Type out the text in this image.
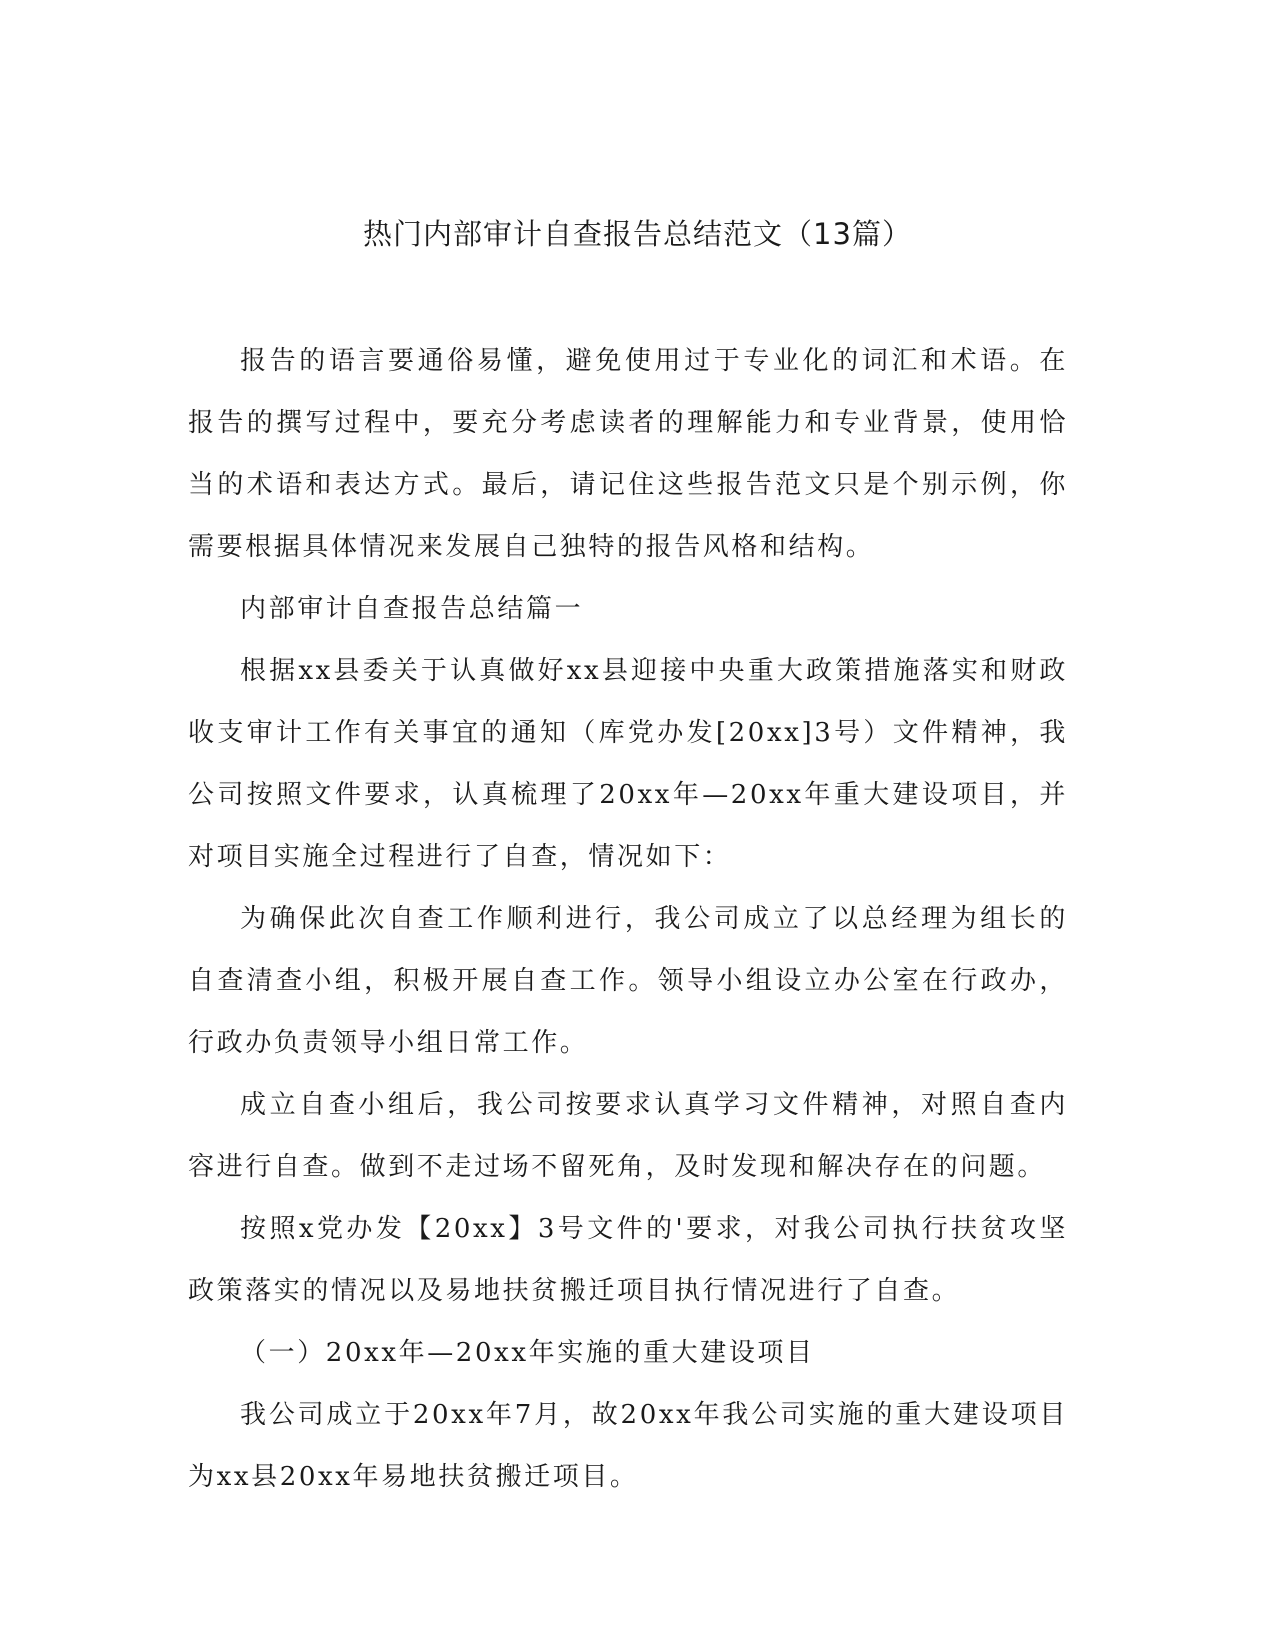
热门内部审计自查报告总结范文（13篇）

报告的语言要通俗易懂，避免使用过于专业化的词汇和术语。在报告的撰写过程中，要充分考虑读者的理解能力和专业背景，使用恰当的术语和表达方式。最后，请记住这些报告范文只是个别示例，你需要根据具体情况来发展自己独特的报告风格和结构。

内部审计自查报告总结篇一

根据xx县委关于认真做好xx县迎接中央重大政策措施落实和财政收支审计工作有关事宜的通知（库党办发[20xx]3号）文件精神，我公司按照文件要求，认真梳理了20xx年—20xx年重大建设项目，并对项目实施全过程进行了自查，情况如下：

为确保此次自查工作顺利进行，我公司成立了以总经理为组长的自查清查小组，积极开展自查工作。领导小组设立办公室在行政办，行政办负责领导小组日常工作。

成立自查小组后，我公司按要求认真学习文件精神，对照自查内容进行自查。做到不走过场不留死角，及时发现和解决存在的问题。

按照x党办发【20xx】3号文件的'要求，对我公司执行扶贫攻坚政策落实的情况以及易地扶贫搬迁项目执行情况进行了自查。

（一）20xx年—20xx年实施的重大建设项目

我公司成立于20xx年7月，故20xx年我公司实施的重大建设项目为xx县20xx年易地扶贫搬迁项目。
